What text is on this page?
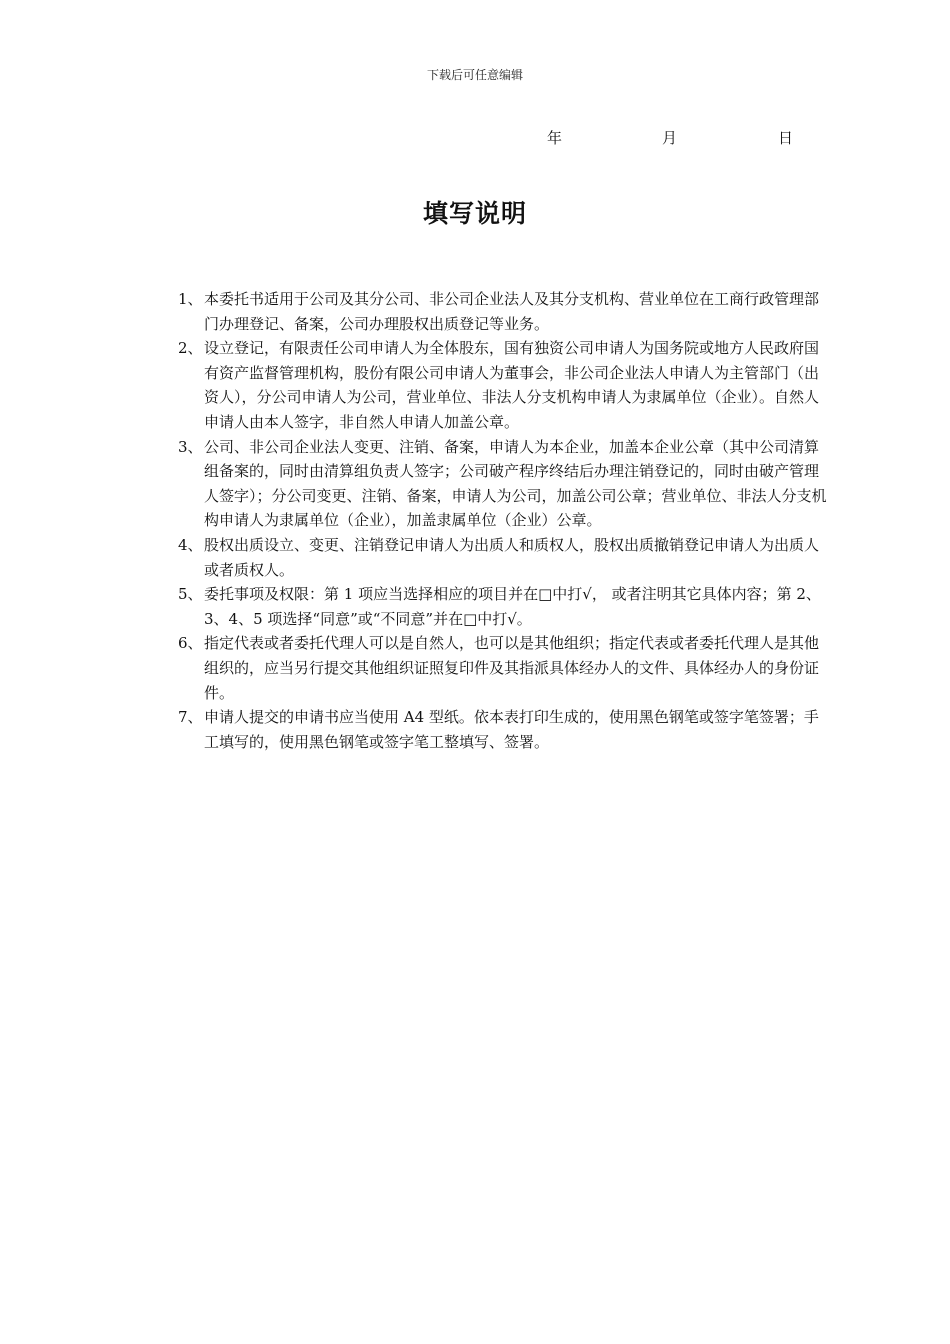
下载后可任意编辑
年	月	日
填写说明
1、 本委托书适用于公司及其分公司、非公司企业法人及其分支机构、营业单位在工商行政管理部门办理登记、备案，公司办理股权出质登记等业务。
2、 设立登记，有限责任公司申请人为全体股东，国有独资公司申请人为国务院或地方人民政府国有资产监督管理机构，股份有限公司申请人为董事会，非公司企业法人申请人为主管部门（出资人），分公司申请人为公司，营业单位、非法人分支机构申请人为隶属单位（企业）。自然人申请人由本人签字，非自然人申请人加盖公章。
3、 公司、非公司企业法人变更、注销、备案，申请人为本企业，加盖本企业公章（其中公司清算组备案的，同时由清算组负责人签字；公司破产程序终结后办理注销登记的，同时由破产管理人签字）；分公司变更、注销、备案，申请人为公司，加盖公司公章；营业单位、非法人分支机构申请人为隶属单位（企业），加盖隶属单位（企业）公章。
4、 股权出质设立、变更、注销登记申请人为出质人和质权人，股权出质撤销登记申请人为出质人或者质权人。
5、 委托事项及权限：第 1 项应当选择相应的项目并在□中打√， 或者注明其它具体内容；第 2、3、4、5 项选择“同意”或“不同意”并在□中打√。
6、 指定代表或者委托代理人可以是自然人，也可以是其他组织；指定代表或者委托代理人是其他组织的，应当另行提交其他组织证照复印件及其指派具体经办人的文件、具体经办人的身份证件。
7、 申请人提交的申请书应当使用 A4 型纸。依本表打印生成的，使用黑色钢笔或签字笔签署；手工填写的，使用黑色钢笔或签字笔工整填写、签署。
